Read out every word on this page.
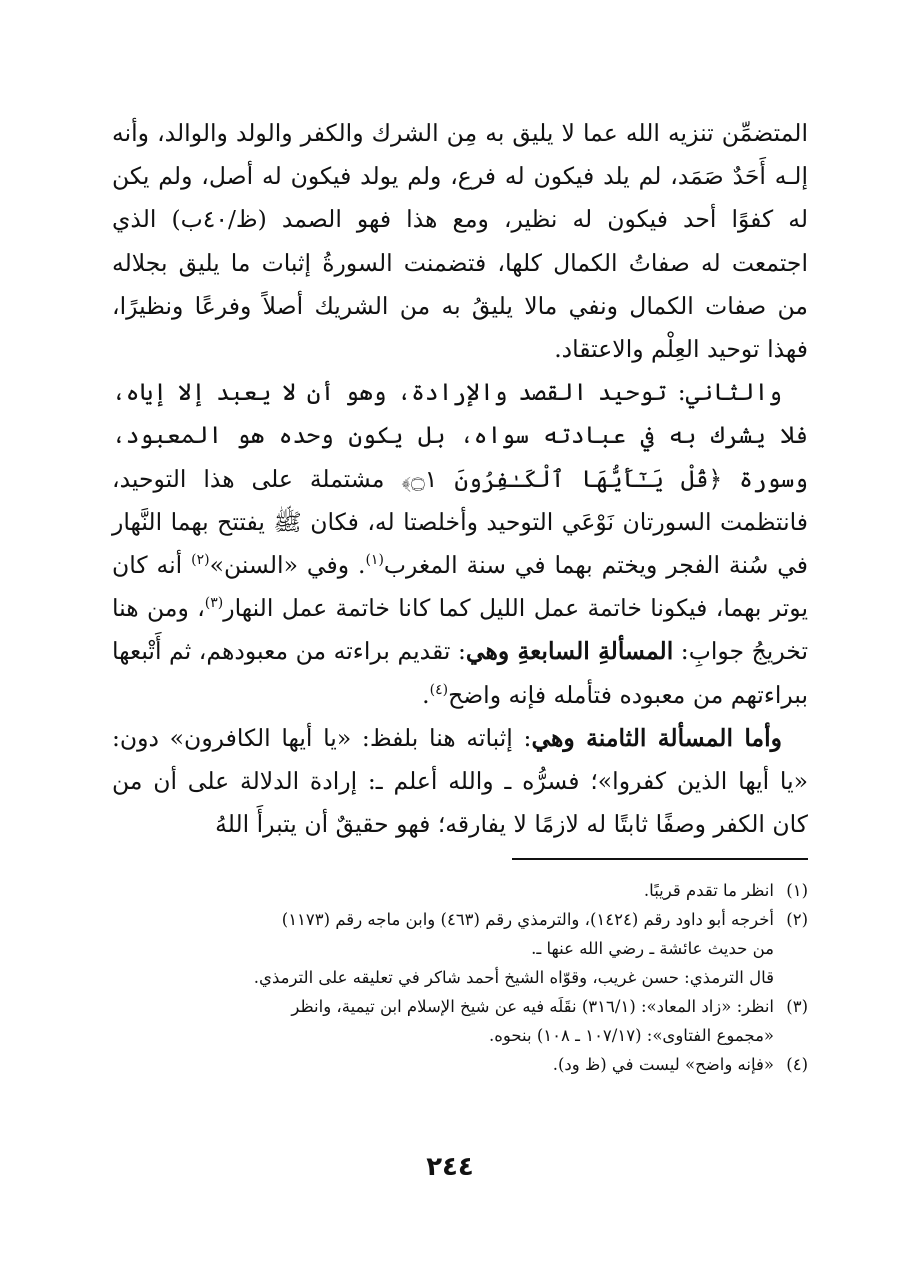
المتضمِّن تنزيه الله عما لا يليق به مِن الشرك والكفر والولد والوالد، وأنه إلـه أَحَدٌ صَمَد، لم يلد فيكون له فرع، ولم يولد فيكون له أصل، ولم يكن له كفوًا أحد فيكون له نظير، ومع هذا فهو الصمد (ظ/٤٠ب) الذي اجتمعت له صفاتُ الكمال كلها، فتضمنت السورةُ إثبات ما يليق بجلاله من صفات الكمال ونفي مالا يليقُ به من الشريك أصلاً وفرعًا ونظيرًا، فهذا توحيد العِلْم والاعتقاد.

والثاني: توحيد القصد والإرادة، وهو أن لا يعبد إلا إياه، فلا يشرك به في عبادته سواه، بل يكون وحده هو المعبود، وسورة ﴿قُلْ يَـٰٓأَيُّهَا ٱلْكَـٰفِرُونَ ۝١﴾ مشتملة على هذا التوحيد، فانتظمت السورتان نَوْعَي التوحيد وأخلصتا له، فكان ﷺ يفتتح بهما النَّهار في سُنة الفجر ويختم بهما في سنة المغرب$^{(١)}$. وفي «السنن»$^{(٢)}$ أنه كان يوتر بهما، فيكونا خاتمة عمل الليل كما كانا خاتمة عمل النهار$^{(٣)}$، ومن هنا تخريجُ جوابِ: المسألةِ السابعةِ وهي: تقديم براءته من معبودهم، ثم أَتْبعها ببراءتهم من معبوده فتأمله فإنه واضح$^{(٤)}$.

وأما المسألة الثامنة وهي: إثباته هنا بلفظ: «يا أيها الكافرون» دون: «يا أيها الذين كفروا»؛ فسرُّه ـ والله أعلم ـ: إرادة الدلالة على أن من كان الكفر وصفًا ثابتًا له لازمًا لا يفارقه؛ فهو حقيقٌ أن يتبرأَ اللهُ

(١)
انظر ما تقدم قريبًا.
(٢)
أخرجه أبو داود رقم (١٤٢٤)، والترمذي رقم (٤٦٣) وابن ماجه رقم (١١٧٣)
من حديث عائشة ـ رضي الله عنها ـ.
قال الترمذي: حسن غريب، وقوّاه الشيخ أحمد شاكر في تعليقه على الترمذي.
(٣)
انظر: «زاد المعاد»: (٣١٦/١) نقَلَه فيه عن شيخ الإسلام ابن تيمية، وانظر
«مجموع الفتاوى»: (١٠٧/١٧ ـ ١٠٨) بنحوه.
(٤)
«فإنه واضح» ليست في (ظ ود).
٢٤٤
